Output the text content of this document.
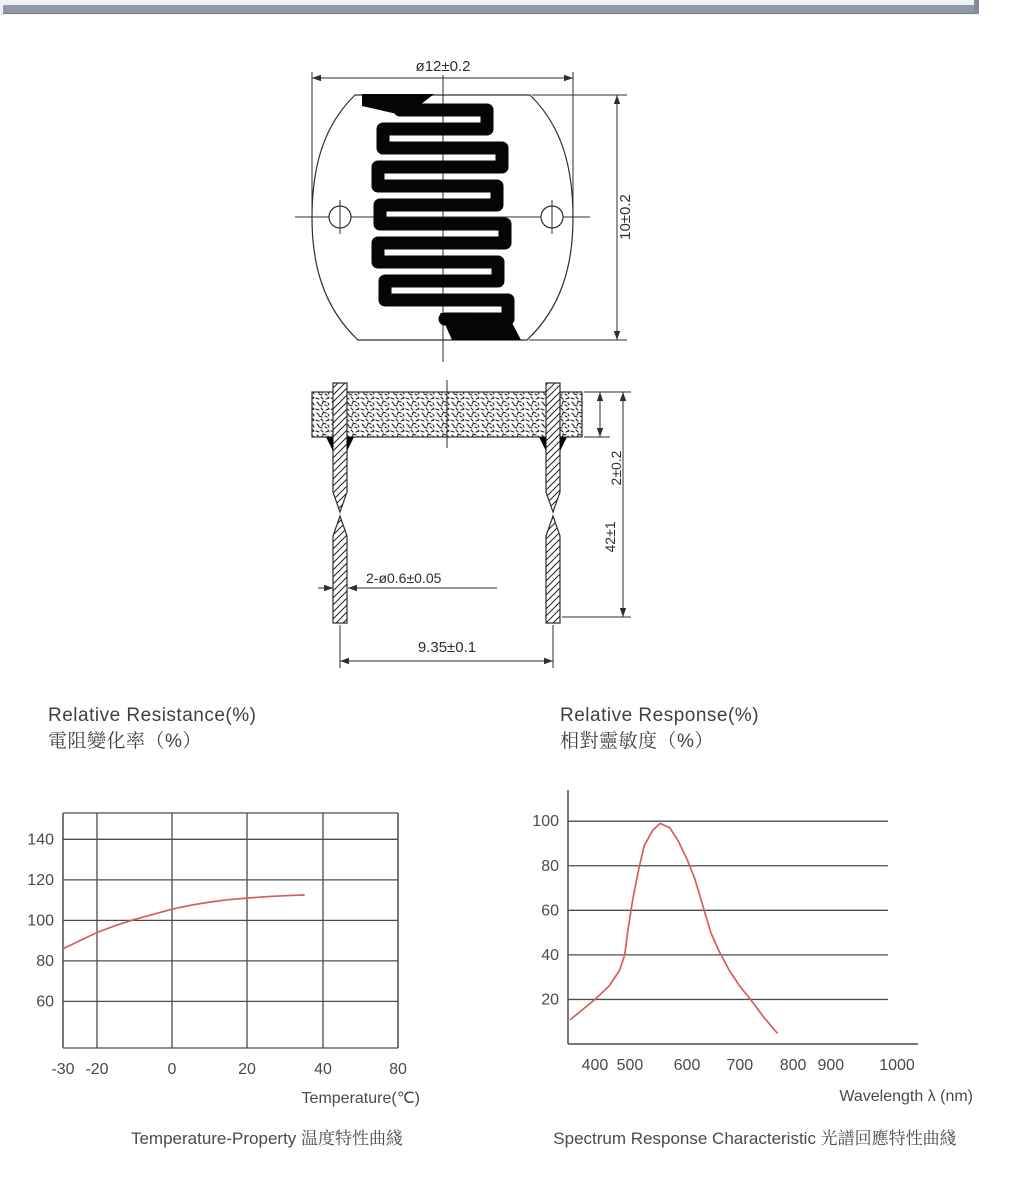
ø12±0.2
10±0.2
2±0.2
42±1
2-ø0.6±0.05
9.35±0.1
Relative Resistance(%)
電阻變化率（%）
60
80
100
120
140
-30 -20	0	20	40	80
Temperature(℃)
Temperature-Property 温度特性曲綫
Relative Response(%)
相對靈敏度（%）
20
40
60
80
100
400 500 600 700 800 900 1000
Wavelength λ (nm)
Spectrum Response Characteristic 光譜回應特性曲綫
